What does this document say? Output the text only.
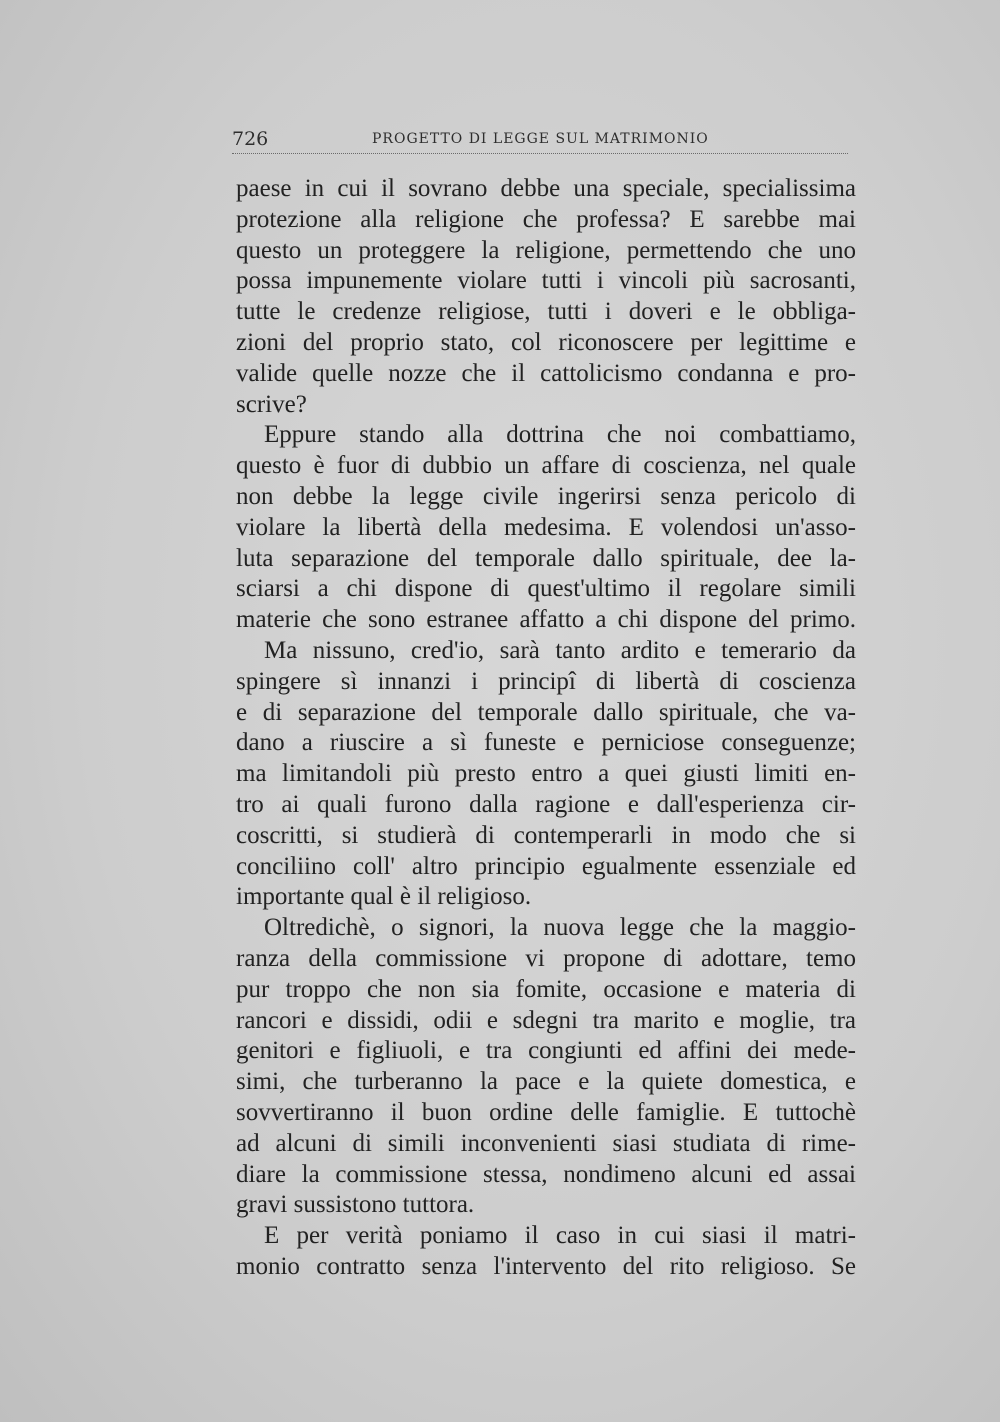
726	PROGETTO DI LEGGE SUL MATRIMONIO
paese in cui il sovrano debbe una speciale, specialissima
protezione alla religione che professa? E sarebbe mai
questo un proteggere la religione, permettendo che uno
possa impunemente violare tutti i vincoli più sacrosanti,
tutte le credenze religiose, tutti i doveri e le obbliga-
zioni del proprio stato, col riconoscere per legittime e
valide quelle nozze che il cattolicismo condanna e pro-
scrive?
Eppure stando alla dottrina che noi combattiamo,
questo è fuor di dubbio un affare di coscienza, nel quale
non debbe la legge civile ingerirsi senza pericolo di
violare la libertà della medesima. E volendosi un'asso-
luta separazione del temporale dallo spirituale, dee la-
sciarsi a chi dispone di quest'ultimo il regolare simili
materie che sono estranee affatto a chi dispone del primo.
Ma nissuno, cred'io, sarà tanto ardito e temerario da
spingere sì innanzi i principî di libertà di coscienza
e di separazione del temporale dallo spirituale, che va-
dano a riuscire a sì funeste e perniciose conseguenze;
ma limitandoli più presto entro a quei giusti limiti en-
tro ai quali furono dalla ragione e dall'esperienza cir-
coscritti, si studierà di contemperarli in modo che si
conciliino coll' altro principio egualmente essenziale ed
importante qual è il religioso.
Oltredichè, o signori, la nuova legge che la maggio-
ranza della commissione vi propone di adottare, temo
pur troppo che non sia fomite, occasione e materia di
rancori e dissidi, odii e sdegni tra marito e moglie, tra
genitori e figliuoli, e tra congiunti ed affini dei mede-
simi, che turberanno la pace e la quiete domestica, e
sovvertiranno il buon ordine delle famiglie. E tuttochè
ad alcuni di simili inconvenienti siasi studiata di rime-
diare la commissione stessa, nondimeno alcuni ed assai
gravi sussistono tuttora.
E per verità poniamo il caso in cui siasi il matri-
monio contratto senza l'intervento del rito religioso. Se
